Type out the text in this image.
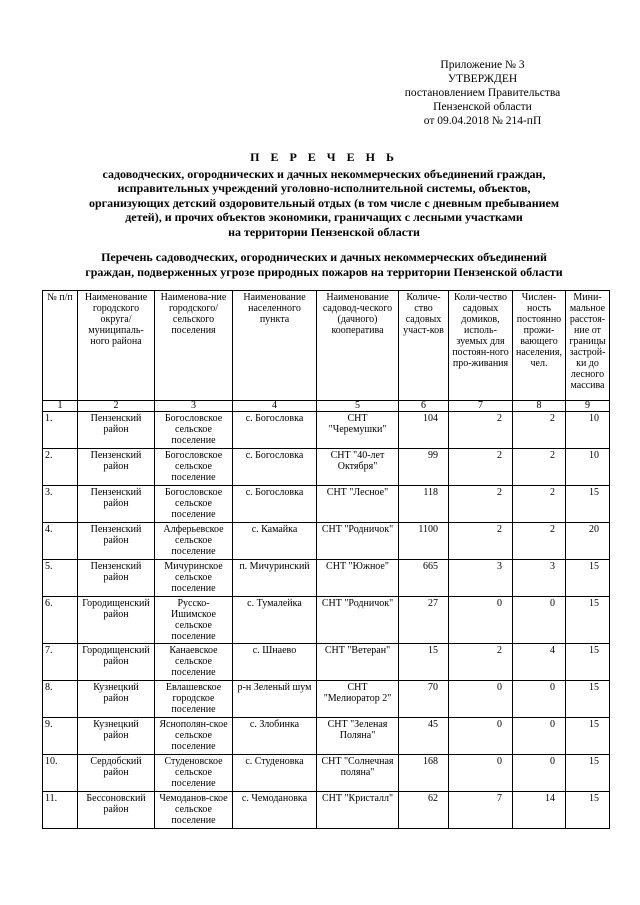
Приложение № 3
УТВЕРЖДЕН
постановлением Правительства
Пензенской области
от 09.04.2018 № 214-пП
П Е Р Е Ч Е Н Ь
садоводческих, огороднических и дачных некоммерческих объединений граждан,
исправительных учреждений уголовно-исполнительной системы, объектов,
организующих детский оздоровительный отдых (в том числе с дневным пребыванием
детей), и прочих объектов экономики, граничащих с лесными участками
на территории Пензенской области
Перечень садоводческих, огороднических и дачных некоммерческих объединений
граждан, подверженных угрозе природных пожаров на территории Пензенской области
№ п/п	Наименование городского округа/ муниципаль-ного района	Наименова-ние городского/ сельского поселения	Наименование населенного пункта	Наименование садовод-ческого (дачного) кооператива	Количе-ство садовых участ-ков	Коли-чество садовых домиков, исполь-зуемых для постоян-ного про-живания	Числен-ность постоянно прожи-вающего населения, чел.	Мини-мальное расстоя-ние от границы застрой-ки до лесного массива
1	2	3	4	5	6	7	8	9
1.	Пензенский район	Богословское сельское поселение	с. Богословка	СНТ "Черемушки"	104	2	2	10
2.	Пензенский район	Богословское сельское поселение	с. Богословка	СНТ "40-лет Октября"	99	2	2	10
3.	Пензенский район	Богословское сельское поселение	с. Богословка	СНТ "Лесное"	118	2	2	15
4.	Пензенский район	Алферьевское сельское поселение	с. Камайка	СНТ "Родничок"	1100	2	2	20
5.	Пензенский район	Мичуринское сельское поселение	п. Мичуринский	СНТ "Южное"	665	3	3	15
6.	Городищенский район	Русско-Ишимское сельское поселение	с. Тумалейка	СНТ "Родничок"	27	0	0	15
7.	Городищенский район	Канаевское сельское поселение	с. Шнаево	СНТ "Ветеран"	15	2	4	15
8.	Кузнецкий район	Евлашевское городское поселение	р-н Зеленый шум	СНТ "Мелиоратор 2"	70	0	0	15
9.	Кузнецкий район	Яснополян-ское сельское поселение	с. Злобинка	СНТ "Зеленая Поляна"	45	0	0	15
10.	Сердобский район	Студеновское сельское поселение	с. Студеновка	СНТ "Солнечная поляна"	168	0	0	15
11.	Бессоновский район	Чемоданов-ское сельское поселение	с. Чемодановка	СНТ "Кристалл"	62	7	14	15
